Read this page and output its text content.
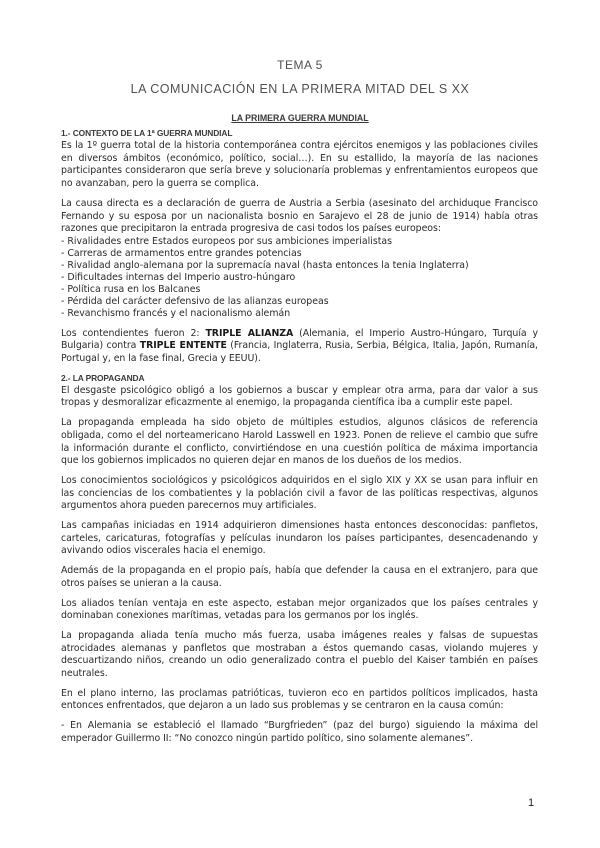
TEMA 5
LA COMUNICACIÓN EN LA PRIMERA MITAD DEL S XX
LA PRIMERA GUERRA MUNDIAL
1.- CONTEXTO DE LA 1ª GUERRA MUNDIAL

Es la 1º guerra total de la historia contemporánea contra ejércitos enemigos y las poblaciones civiles en diversos ámbitos (económico, político, social…). En su estallido, la mayoría de las naciones participantes consideraron que sería breve y solucionaría problemas y enfrentamientos europeos que no avanzaban, pero la guerra se complica.

La causa directa es a declaración de guerra de Austria a Serbia (asesinato del archiduque Francisco Fernando y su esposa por un nacionalista bosnio en Sarajevo el 28 de junio de 1914) había otras razones que precipitaron la entrada progresiva de casi todos los países europeos:

- Rivalidades entre Estados europeos por sus ambiciones imperialistas
- Carreras de armamentos entre grandes potencias
- Rivalidad anglo-alemana por la supremacía naval (hasta entonces la tenia Inglaterra)
- Dificultades internas del Imperio austro-húngaro
- Política rusa en los Balcanes
- Pérdida del carácter defensivo de las alianzas europeas
- Revanchismo francés y el nacionalismo alemán

Los contendientes fueron 2: TRIPLE ALIANZA (Alemania, el Imperio Austro-Húngaro, Turquía y Bulgaria) contra TRIPLE ENTENTE (Francia, Inglaterra, Rusia, Serbia, Bélgica, Italia, Japón, Rumanía, Portugal y, en la fase final, Grecia y EEUU).

2.- LA PROPAGANDA

El desgaste psicológico obligó a los gobiernos a buscar y emplear otra arma, para dar valor a sus tropas y desmoralizar eficazmente al enemigo, la propaganda científica iba a cumplir este papel.

La propaganda empleada ha sido objeto de múltiples estudios, algunos clásicos de referencia obligada, como el del norteamericano Harold Lasswell en 1923. Ponen de relieve el cambio que sufre la información durante el conflicto, convirtiéndose en una cuestión política de máxima importancia que los gobiernos implicados no quieren dejar en manos de los dueños de los medios.

Los conocimientos sociológicos y psicológicos adquiridos en el siglo XIX y XX se usan para influir en las conciencias de los combatientes y la población civil a favor de las políticas respectivas, algunos argumentos ahora pueden parecernos muy artificiales.

Las campañas iniciadas en 1914 adquirieron dimensiones hasta entonces desconocidas: panfletos, carteles, caricaturas, fotografías y películas inundaron los países participantes, desencadenando y avivando odios viscerales hacia el enemigo.

Además de la propaganda en el propio país, había que defender la causa en el extranjero, para que otros países se unieran a la causa.

Los aliados tenían ventaja en este aspecto, estaban mejor organizados que los países centrales y dominaban conexiones marítimas, vetadas para los germanos por los inglés.

La propaganda aliada tenía mucho más fuerza, usaba imágenes reales y falsas de supuestas atrocidades alemanas y panfletos que mostraban a éstos quemando casas, violando mujeres y descuartizando niños, creando un odio generalizado contra el pueblo del Kaiser también en países neutrales.

En el plano interno, las proclamas patrióticas, tuvieron eco en partidos políticos implicados, hasta entonces enfrentados, que dejaron a un lado sus problemas y se centraron en la causa común:

- En Alemania se estableció el llamado “Burgfrieden” (paz del burgo) siguiendo la máxima del emperador Guillermo II: “No conozco ningún partido político, sino solamente alemanes”.

1
